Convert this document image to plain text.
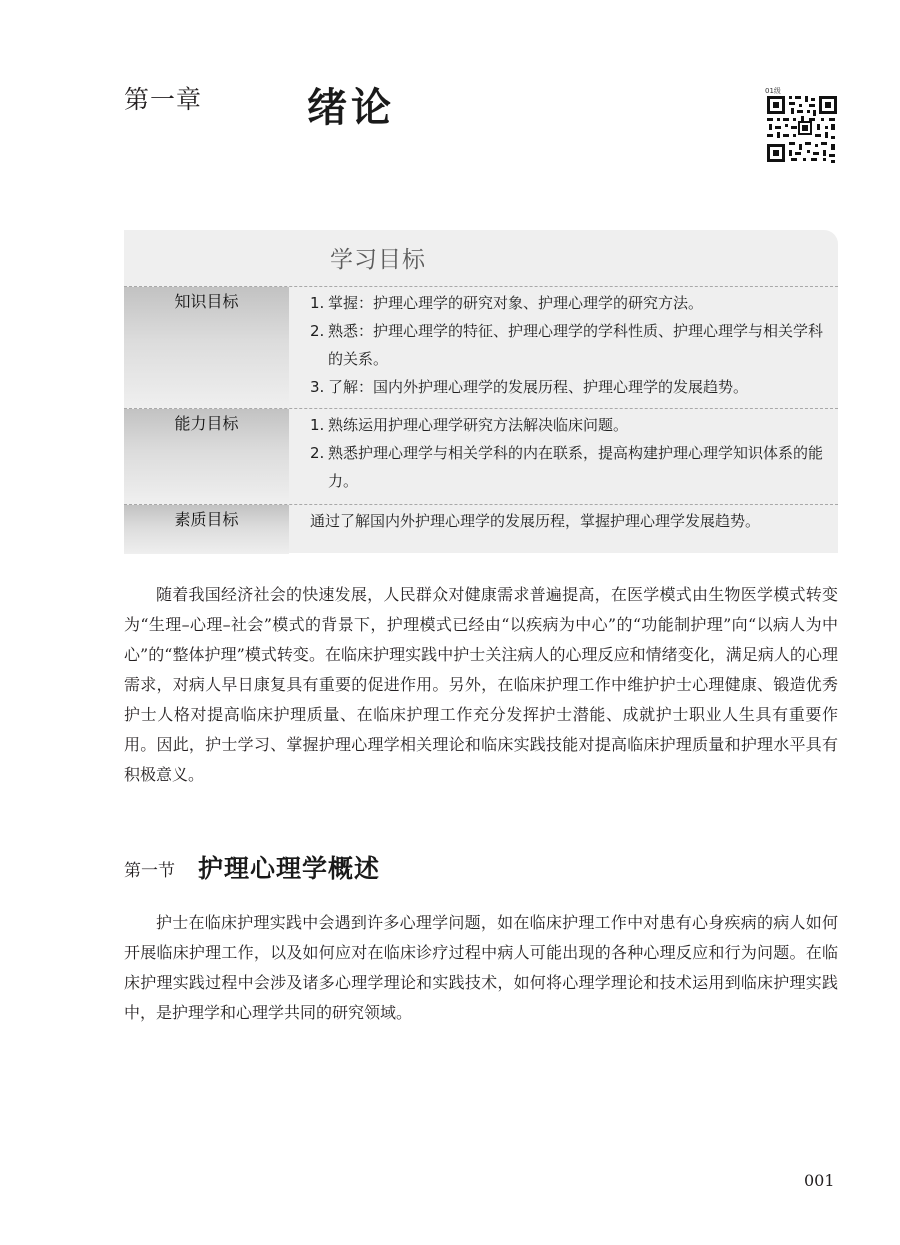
第一章	绪论	01级
学习目标
知识目标	1. 掌握：护理心理学的研究对象、护理心理学的研究方法。
2. 熟悉：护理心理学的特征、护理心理学的学科性质、护理心理学与相关学科的关系。
3. 了解：国内外护理心理学的发展历程、护理心理学的发展趋势。
能力目标	1. 熟练运用护理心理学研究方法解决临床问题。
2. 熟悉护理心理学与相关学科的内在联系，提高构建护理心理学知识体系的能力。
素质目标	通过了解国内外护理心理学的发展历程，掌握护理心理学发展趋势。

随着我国经济社会的快速发展，人民群众对健康需求普遍提高，在医学模式由生物医学模式转变为“生理–心理–社会”模式的背景下，护理模式已经由“以疾病为中心”的“功能制护理”向“以病人为中心”的“整体护理”模式转变。在临床护理实践中护士关注病人的心理反应和情绪变化，满足病人的心理需求，对病人早日康复具有重要的促进作用。另外，在临床护理工作中维护护士心理健康、锻造优秀护士人格对提高临床护理质量、在临床护理工作充分发挥护士潜能、成就护士职业人生具有重要作用。因此，护士学习、掌握护理心理学相关理论和临床实践技能对提高临床护理质量和护理水平具有积极意义。

第一节 护理心理学概述

护士在临床护理实践中会遇到许多心理学问题，如在临床护理工作中对患有心身疾病的病人如何开展临床护理工作，以及如何应对在临床诊疗过程中病人可能出现的各种心理反应和行为问题。在临床护理实践过程中会涉及诸多心理学理论和实践技术，如何将心理学理论和技术运用到临床护理实践中，是护理学和心理学共同的研究领域。

001
